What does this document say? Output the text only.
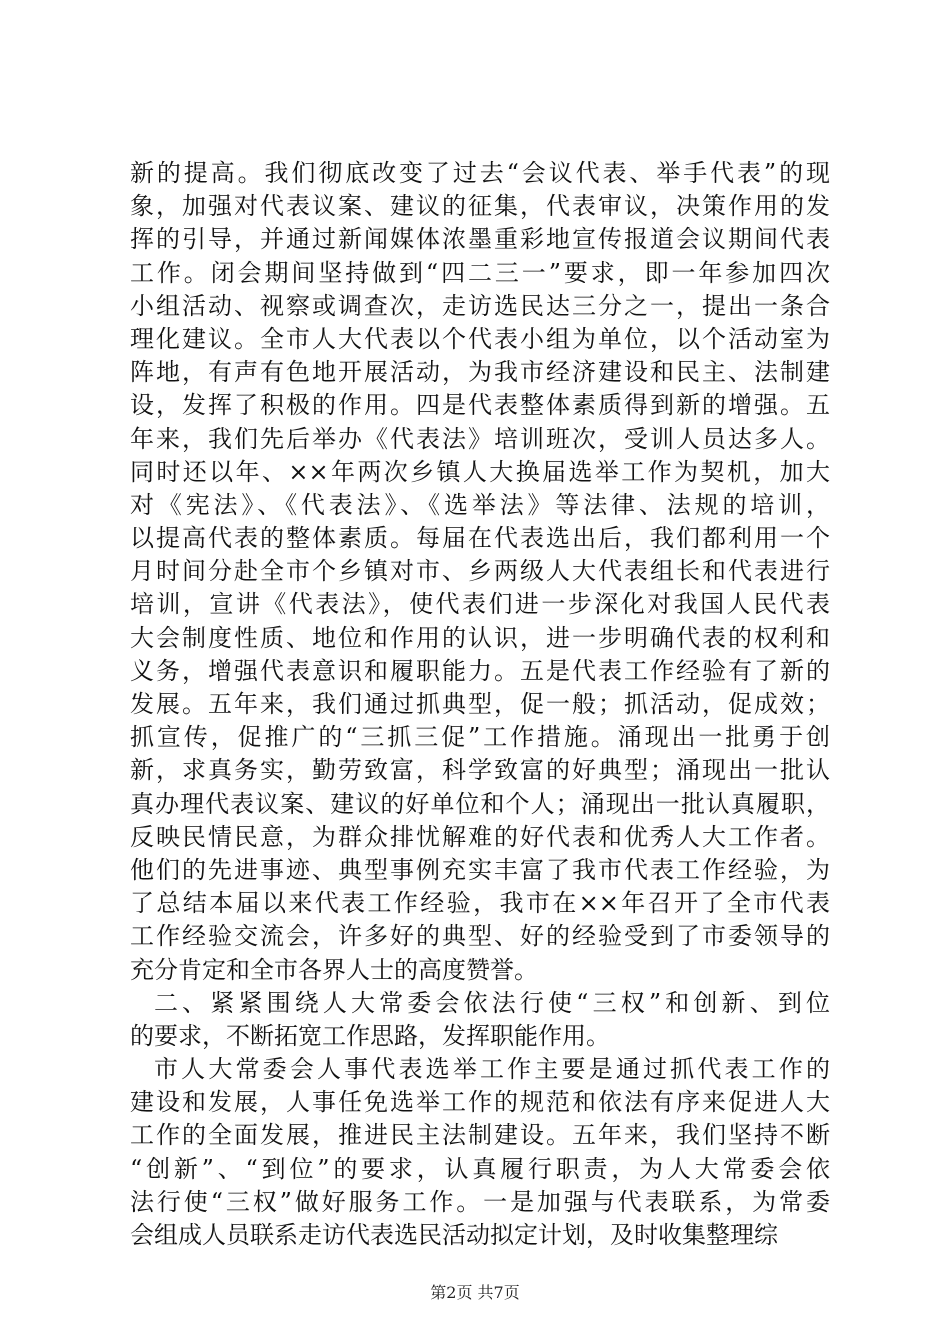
新的提高。我们彻底改变了过去“会议代表、举手代表”的现
象，加强对代表议案、建议的征集，代表审议，决策作用的发
挥的引导，并通过新闻媒体浓墨重彩地宣传报道会议期间代表
工作。闭会期间坚持做到“四二三一”要求，即一年参加四次
小组活动、视察或调查次，走访选民达三分之一，提出一条合
理化建议。全市人大代表以个代表小组为单位，以个活动室为
阵地，有声有色地开展活动，为我市经济建设和民主、法制建
设，发挥了积极的作用。四是代表整体素质得到新的增强。五
年来，我们先后举办《代表法》培训班次，受训人员达多人。
同时还以年、××年两次乡镇人大换届选举工作为契机，加大
对《宪法》、《代表法》、《选举法》等法律、法规的培训，
以提高代表的整体素质。每届在代表选出后，我们都利用一个
月时间分赴全市个乡镇对市、乡两级人大代表组长和代表进行
培训，宣讲《代表法》，使代表们进一步深化对我国人民代表
大会制度性质、地位和作用的认识，进一步明确代表的权利和
义务，增强代表意识和履职能力。五是代表工作经验有了新的
发展。五年来，我们通过抓典型，促一般；抓活动，促成效；
抓宣传，促推广的“三抓三促”工作措施。涌现出一批勇于创
新，求真务实，勤劳致富，科学致富的好典型；涌现出一批认
真办理代表议案、建议的好单位和个人；涌现出一批认真履职，
反映民情民意，为群众排忧解难的好代表和优秀人大工作者。
他们的先进事迹、典型事例充实丰富了我市代表工作经验，为
了总结本届以来代表工作经验，我市在××年召开了全市代表
工作经验交流会，许多好的典型、好的经验受到了市委领导的
充分肯定和全市各界人士的高度赞誉。
二、紧紧围绕人大常委会依法行使“三权”和创新、到位
的要求，不断拓宽工作思路，发挥职能作用。
市人大常委会人事代表选举工作主要是通过抓代表工作的
建设和发展，人事任免选举工作的规范和依法有序来促进人大
工作的全面发展，推进民主法制建设。五年来，我们坚持不断
“创新”、“到位”的要求，认真履行职责，为人大常委会依
法行使“三权”做好服务工作。一是加强与代表联系，为常委
会组成人员联系走访代表选民活动拟定计划，及时收集整理综
第2页 共7页
